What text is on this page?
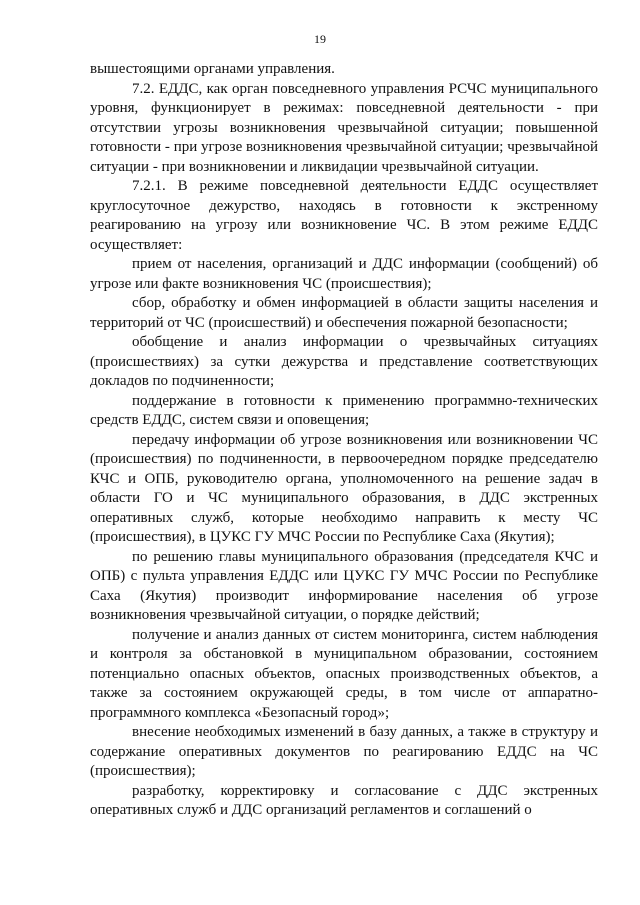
19

вышестоящими органами управления.

7.2. ЕДДС, как орган повседневного управления РСЧС муниципального уровня, функционирует в режимах: повседневной деятельности - при отсутствии угрозы возникновения чрезвычайной ситуации; повышенной готовности - при угрозе возникновения чрезвычайной ситуации; чрезвычайной ситуации - при возникновении и ликвидации чрезвычайной ситуации.

7.2.1. В режиме повседневной деятельности ЕДДС осуществляет круглосуточное дежурство, находясь в готовности к экстренному реагированию на угрозу или возникновение ЧС. В этом режиме ЕДДС осуществляет:

прием от населения, организаций и ДДС информации (сообщений) об угрозе или факте возникновения ЧС (происшествия);

сбор, обработку и обмен информацией в области защиты населения и территорий от ЧС (происшествий) и обеспечения пожарной безопасности;

обобщение и анализ информации о чрезвычайных ситуациях (происшествиях) за сутки дежурства и представление соответствующих докладов по подчиненности;

поддержание в готовности к применению программно-технических средств ЕДДС, систем связи и оповещения;

передачу информации об угрозе возникновения или возникновении ЧС (происшествия) по подчиненности, в первоочередном порядке председателю КЧС и ОПБ, руководителю органа, уполномоченного на решение задач в области ГО и ЧС муниципального образования, в ДДС экстренных оперативных служб, которые необходимо направить к месту ЧС (происшествия), в ЦУКС ГУ МЧС России по Республике Саха (Якутия);

по решению главы муниципального образования (председателя КЧС и ОПБ) с пульта управления ЕДДС или ЦУКС ГУ МЧС России по Республике Саха (Якутия) производит информирование населения об угрозе возникновения чрезвычайной ситуации, о порядке действий;

получение и анализ данных от систем мониторинга, систем наблюдения и контроля за обстановкой в муниципальном образовании, состоянием потенциально опасных объектов, опасных производственных объектов, а также за состоянием окружающей среды, в том числе от аппаратно-программного комплекса «Безопасный город»;

внесение необходимых изменений в базу данных, а также в структуру и содержание оперативных документов по реагированию ЕДДС на ЧС (происшествия);

разработку, корректировку и согласование с ДДС экстренных оперативных служб и ДДС организаций регламентов и соглашений о
